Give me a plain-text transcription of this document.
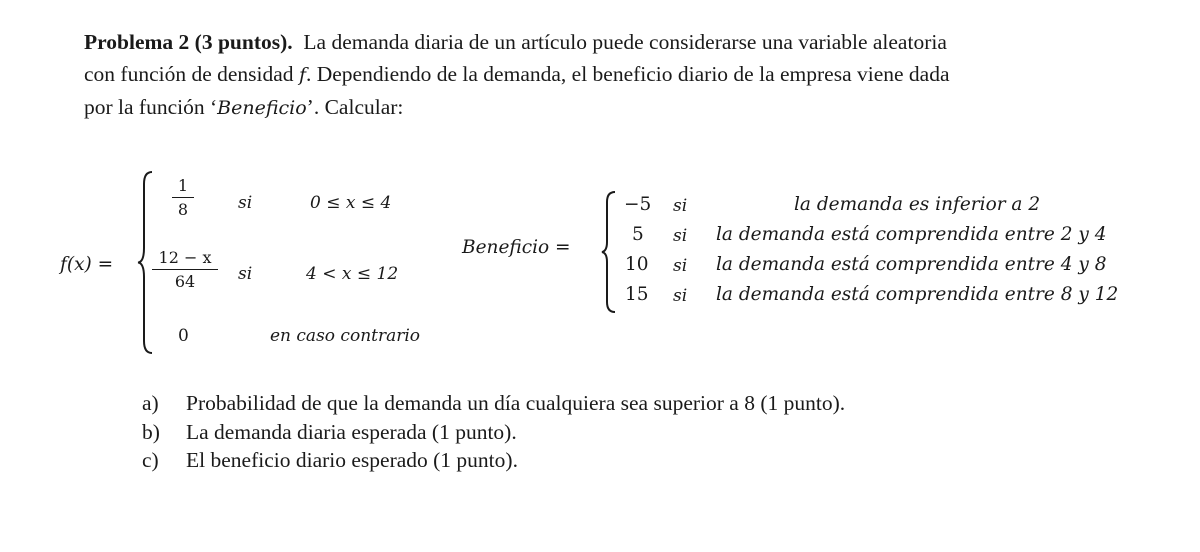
Problema 2 (3 puntos). La demanda diaria de un artículo puede considerarse una variable aleatoria
con función de densidad f. Dependiendo de la demanda, el beneficio diario de la empresa viene dada
por la función ‘Beneficio’. Calcular:
f(x) =
1
8	si	0 ≤ x ≤ 4
12 − x
64	si	4 < x ≤ 12
0	en caso contrario
Beneficio =
−5 si	la demanda es inferior a 2
5 si la demanda está comprendida entre 2 y 4
10 si la demanda está comprendida entre 4 y 8
15 si la demanda está comprendida entre 8 y 12
a)	Probabilidad de que la demanda un día cualquiera sea superior a 8 (1 punto).
b)	La demanda diaria esperada (1 punto).
c)	El beneficio diario esperado (1 punto).
